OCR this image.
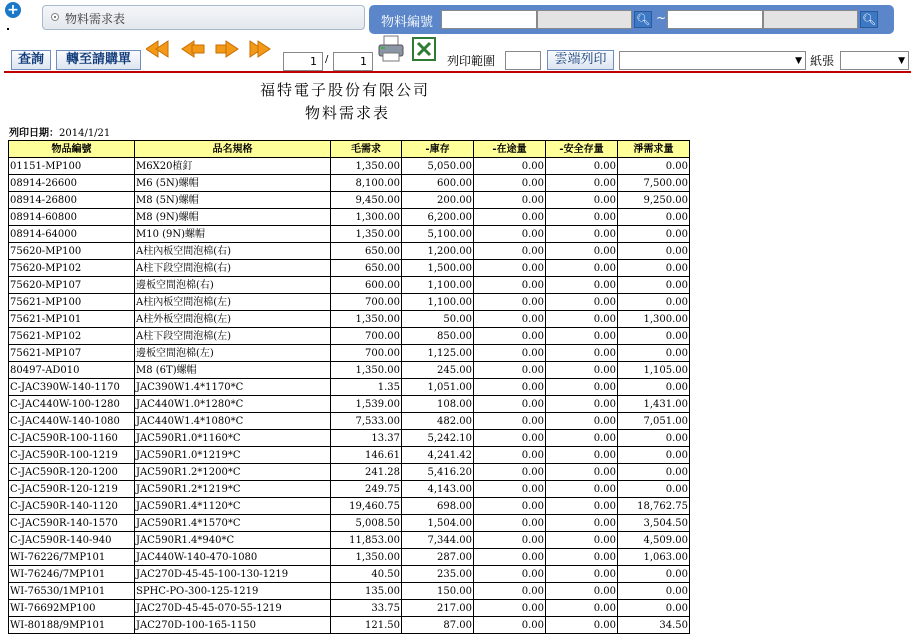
+
物料需求表	物料編號	🔍︎ ~	🔍︎
查詢	轉至請購單	1 /	1	列印範圍	雲端列印	▼ 紙張	▼
福特電子股份有限公司
物料需求表
列印日期：2014/1/21
物品編號	品名規格	毛需求	-庫存	-在途量	-安全存量	淨需求量
01151-MP100	M6X20植釘	1,350.00	5,050.00	0.00	0.00	0.00
08914-26600	M6 (5N)螺帽	8,100.00	600.00	0.00	0.00	7,500.00
08914-26800	M8 (5N)螺帽	9,450.00	200.00	0.00	0.00	9,250.00
08914-60800	M8 (9N)螺帽	1,300.00	6,200.00	0.00	0.00	0.00
08914-64000	M10 (9N)螺帽	1,350.00	5,100.00	0.00	0.00	0.00
75620-MP100	A柱內板空間泡棉(右)	650.00	1,200.00	0.00	0.00	0.00
75620-MP102	A柱下段空間泡棉(右)	650.00	1,500.00	0.00	0.00	0.00
75620-MP107	邊板空間泡棉(右)	600.00	1,100.00	0.00	0.00	0.00
75621-MP100	A柱內板空間泡棉(左)	700.00	1,100.00	0.00	0.00	0.00
75621-MP101	A柱外板空間泡棉(左)	1,350.00	50.00	0.00	0.00	1,300.00
75621-MP102	A柱下段空間泡棉(左)	700.00	850.00	0.00	0.00	0.00
75621-MP107	邊板空間泡棉(左)	700.00	1,125.00	0.00	0.00	0.00
80497-AD010	M8 (6T)螺帽	1,350.00	245.00	0.00	0.00	1,105.00
C-JAC390W-140-1170	JAC390W1.4*1170*C	1.35	1,051.00	0.00	0.00	0.00
C-JAC440W-100-1280	JAC440W1.0*1280*C	1,539.00	108.00	0.00	0.00	1,431.00
C-JAC440W-140-1080	JAC440W1.4*1080*C	7,533.00	482.00	0.00	0.00	7,051.00
C-JAC590R-100-1160	JAC590R1.0*1160*C	13.37	5,242.10	0.00	0.00	0.00
C-JAC590R-100-1219	JAC590R1.0*1219*C	146.61	4,241.42	0.00	0.00	0.00
C-JAC590R-120-1200	JAC590R1.2*1200*C	241.28	5,416.20	0.00	0.00	0.00
C-JAC590R-120-1219	JAC590R1.2*1219*C	249.75	4,143.00	0.00	0.00	0.00
C-JAC590R-140-1120	JAC590R1.4*1120*C	19,460.75	698.00	0.00	0.00	18,762.75
C-JAC590R-140-1570	JAC590R1.4*1570*C	5,008.50	1,504.00	0.00	0.00	3,504.50
C-JAC590R-140-940	JAC590R1.4*940*C	11,853.00	7,344.00	0.00	0.00	4,509.00
WI-76226/7MP101	JAC440W-140-470-1080	1,350.00	287.00	0.00	0.00	1,063.00
WI-76246/7MP101	JAC270D-45-45-100-130-1219	40.50	235.00	0.00	0.00	0.00
WI-76530/1MP101	SPHC-PO-300-125-1219	135.00	150.00	0.00	0.00	0.00
WI-76692MP100	JAC270D-45-45-070-55-1219	33.75	217.00	0.00	0.00	0.00
WI-80188/9MP101	JAC270D-100-165-1150	121.50	87.00	0.00	0.00	34.50
